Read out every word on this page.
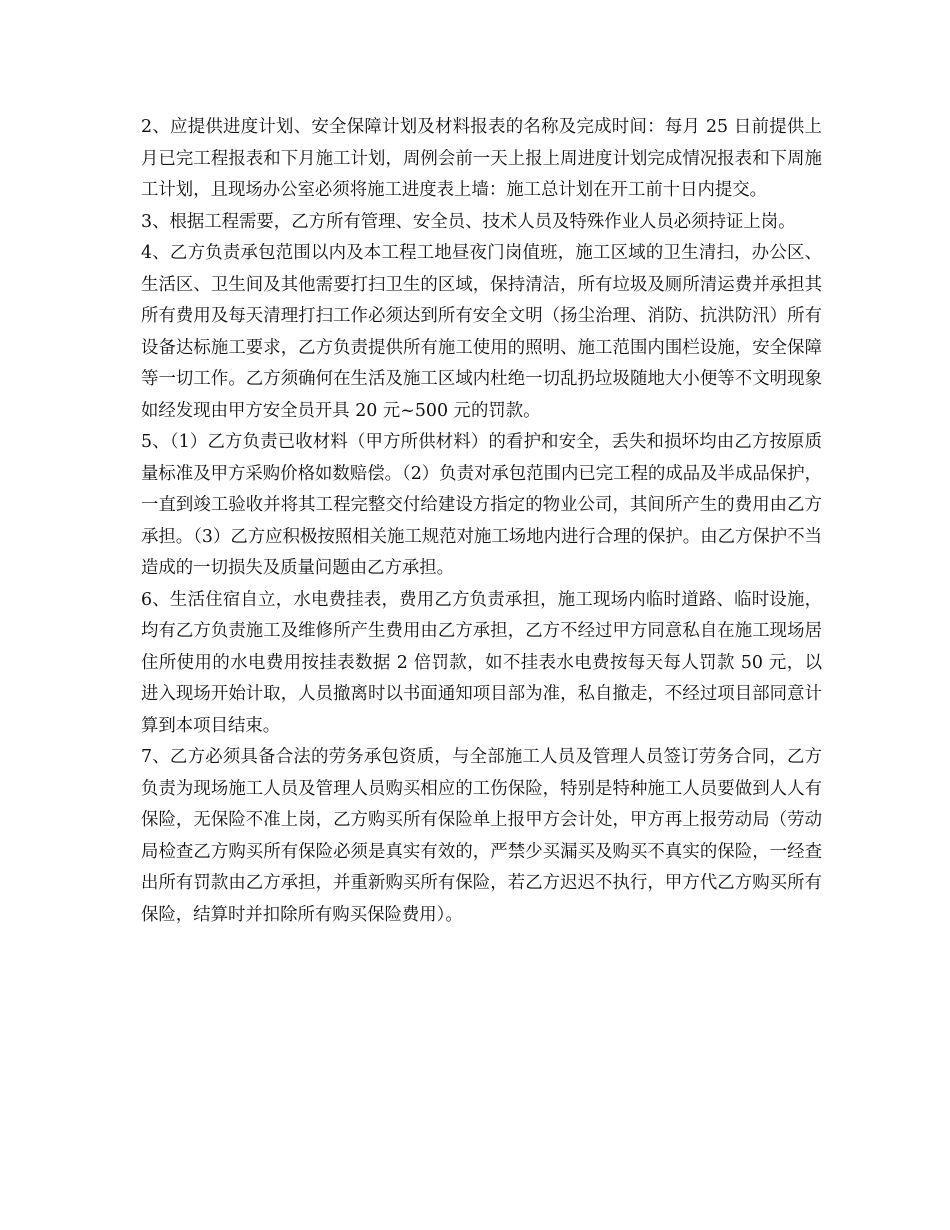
2、应提供进度计划、安全保障计划及材料报表的名称及完成时间：每月 25 日前提供上月已完工程报表和下月施工计划，周例会前一天上报上周进度计划完成情况报表和下周施工计划，且现场办公室必须将施工进度表上墙：施工总计划在开工前十日内提交。

3、根据工程需要，乙方所有管理、安全员、技术人员及特殊作业人员必须持证上岗。

4、乙方负责承包范围以内及本工程工地昼夜门岗值班，施工区域的卫生清扫，办公区、生活区、卫生间及其他需要打扫卫生的区域，保持清洁，所有垃圾及厕所清运费并承担其所有费用及每天清理打扫工作必须达到所有安全文明（扬尘治理、消防、抗洪防汛）所有设备达标施工要求，乙方负责提供所有施工使用的照明、施工范围内围栏设施，安全保障等一切工作。乙方须确何在生活及施工区域内杜绝一切乱扔垃圾随地大小便等不文明现象如经发现由甲方安全员开具 20 元~500 元的罚款。

5、（1）乙方负责已收材料（甲方所供材料）的看护和安全，丢失和损坏均由乙方按原质量标准及甲方采购价格如数赔偿。（2）负责对承包范围内已完工程的成品及半成品保护，一直到竣工验收并将其工程完整交付给建设方指定的物业公司，其间所产生的费用由乙方承担。（3）乙方应积极按照相关施工规范对施工场地内进行合理的保护。由乙方保护不当造成的一切损失及质量问题由乙方承担。

6、生活住宿自立，水电费挂表，费用乙方负责承担，施工现场内临时道路、临时设施，均有乙方负责施工及维修所产生费用由乙方承担，乙方不经过甲方同意私自在施工现场居住所使用的水电费用按挂表数据 2 倍罚款，如不挂表水电费按每天每人罚款 50 元，以进入现场开始计取，人员撤离时以书面通知项目部为准，私自撤走，不经过项目部同意计算到本项目结束。

7、乙方必须具备合法的劳务承包资质，与全部施工人员及管理人员签订劳务合同，乙方负责为现场施工人员及管理人员购买相应的工伤保险，特别是特种施工人员要做到人人有保险，无保险不准上岗，乙方购买所有保险单上报甲方会计处，甲方再上报劳动局（劳动局检查乙方购买所有保险必须是真实有效的，严禁少买漏买及购买不真实的保险，一经查出所有罚款由乙方承担，并重新购买所有保险，若乙方迟迟不执行，甲方代乙方购买所有保险，结算时并扣除所有购买保险费用）。
